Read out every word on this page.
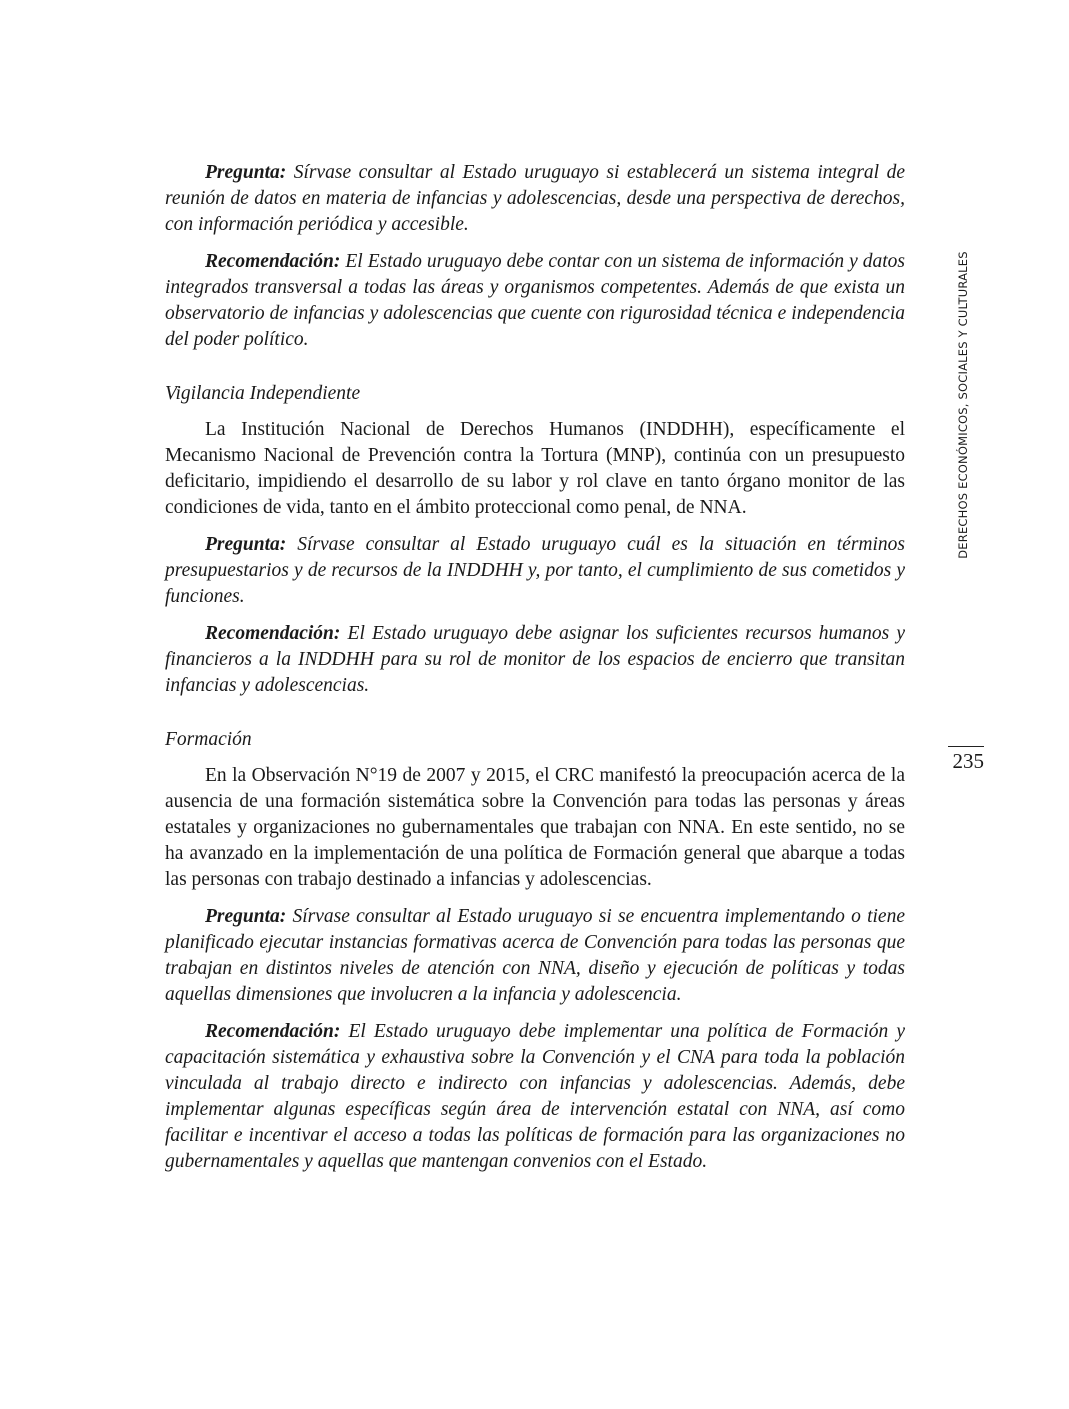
Pregunta: Sírvase consultar al Estado uruguayo si establecerá un sistema integral de reunión de datos en materia de infancias y adolescencias, desde una perspectiva de derechos, con información periódica y accesible.

Recomendación: El Estado uruguayo debe contar con un sistema de información y datos integrados transversal a todas las áreas y organismos competentes. Además de que exista un observatorio de infancias y adolescencias que cuente con rigurosidad técnica e independencia del poder político.

Vigilancia Independiente

La Institución Nacional de Derechos Humanos (INDDHH), específicamente el Mecanismo Nacional de Prevención contra la Tortura (MNP), continúa con un presupuesto deficitario, impidiendo el desarrollo de su labor y rol clave en tanto órgano monitor de las condiciones de vida, tanto en el ámbito proteccional como penal, de NNA.

Pregunta: Sírvase consultar al Estado uruguayo cuál es la situación en términos presupuestarios y de recursos de la INDDHH y, por tanto, el cumplimiento de sus cometidos y funciones.

Recomendación: El Estado uruguayo debe asignar los suficientes recursos humanos y financieros a la INDDHH para su rol de monitor de los espacios de encierro que transitan infancias y adolescencias.

Formación

En la Observación N°19 de 2007 y 2015, el CRC manifestó la preocupación acerca de la ausencia de una formación sistemática sobre la Convención para todas las personas y áreas estatales y organizaciones no gubernamentales que trabajan con NNA. En este sentido, no se ha avanzado en la implementación de una política de Formación general que abarque a todas las personas con trabajo destinado a infancias y adolescencias.

Pregunta: Sírvase consultar al Estado uruguayo si se encuentra implementando o tiene planificado ejecutar instancias formativas acerca de Convención para todas las personas que trabajan en distintos niveles de atención con NNA, diseño y ejecución de políticas y todas aquellas dimensiones que involucren a la infancia y adolescencia.

Recomendación: El Estado uruguayo debe implementar una política de Formación y capacitación sistemática y exhaustiva sobre la Convención y el CNA para toda la población vinculada al trabajo directo e indirecto con infancias y adolescencias. Además, debe implementar algunas específicas según área de intervención estatal con NNA, así como facilitar e incentivar el acceso a todas las políticas de formación para las organizaciones no gubernamentales y aquellas que mantengan convenios con el Estado.

DERECHOS ECONÓMICOS, SOCIALES Y CULTURALES
235
